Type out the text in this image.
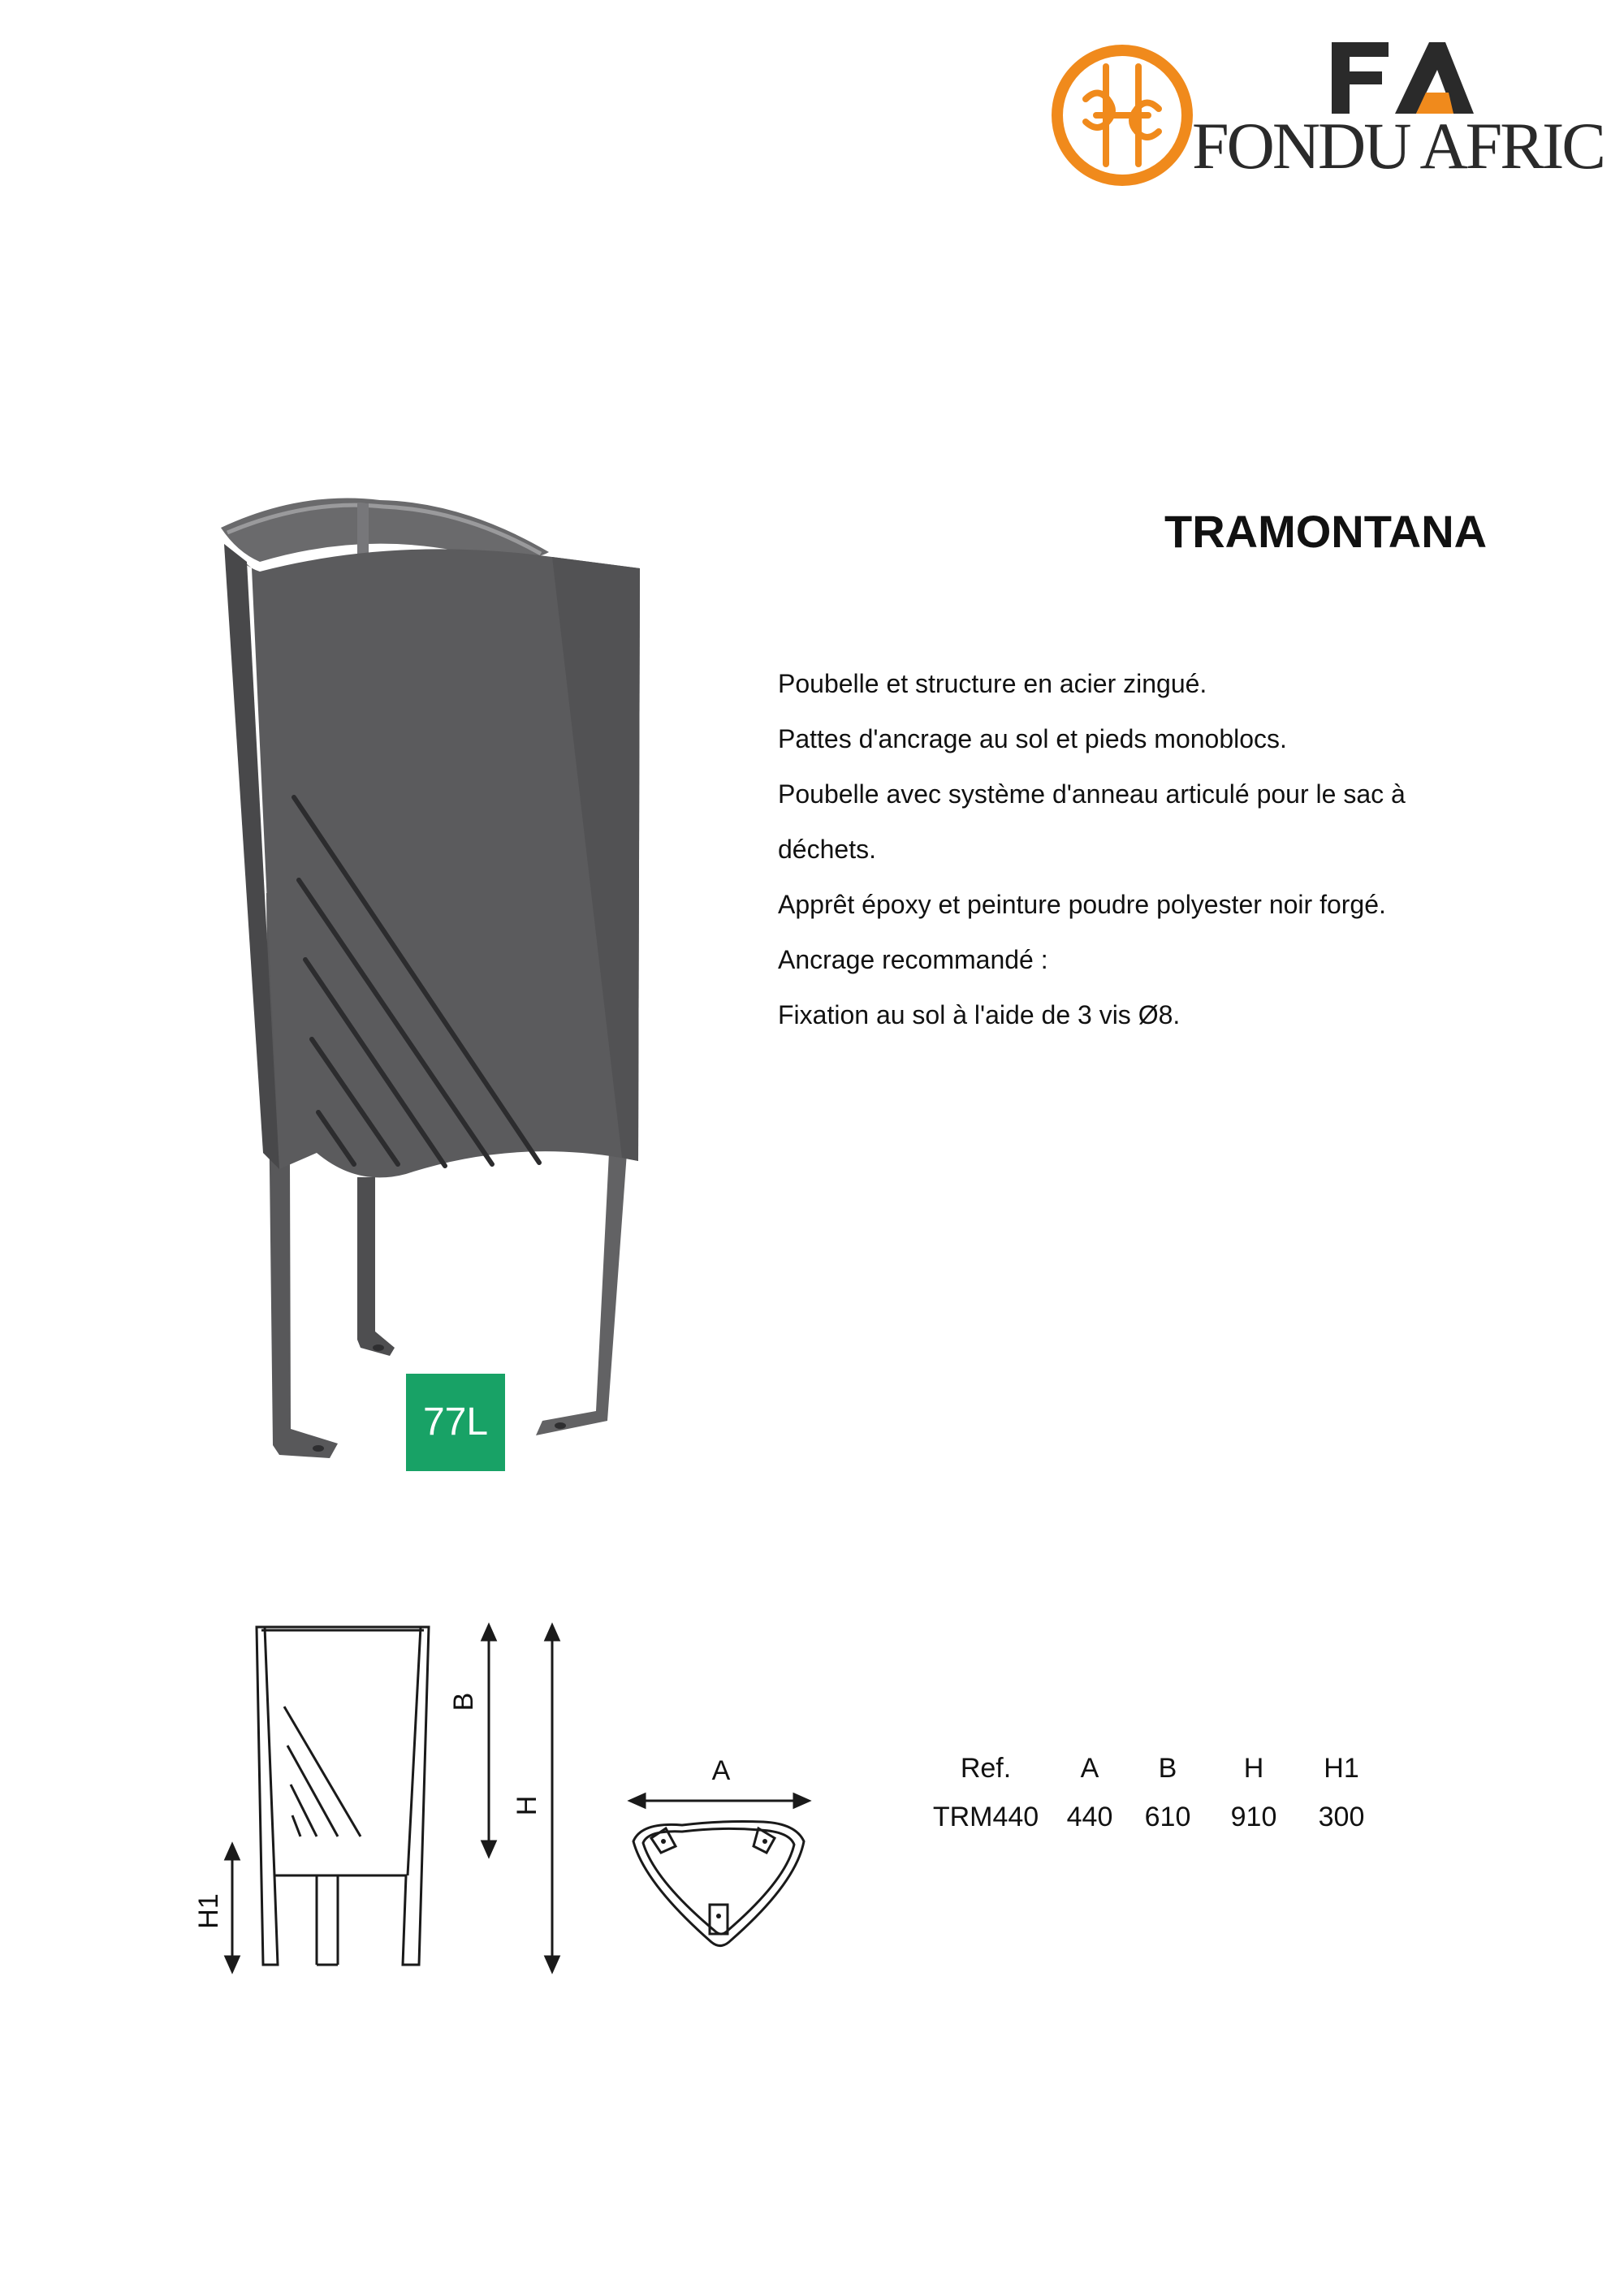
FONDU AFRIC
TRAMONTANA
Poubelle et structure en acier zingué.
Pattes d'ancrage au sol et pieds monoblocs.
Poubelle avec système d'anneau articulé pour le sac à
déchets.
Apprêt époxy et peinture poudre polyester noir forgé.
Ancrage recommandé :
Fixation au sol à l'aide de 3 vis Ø8.
77L
B
H
H1
A	Ref.	A	B	H	H1
TRM440	440	610	910	300
